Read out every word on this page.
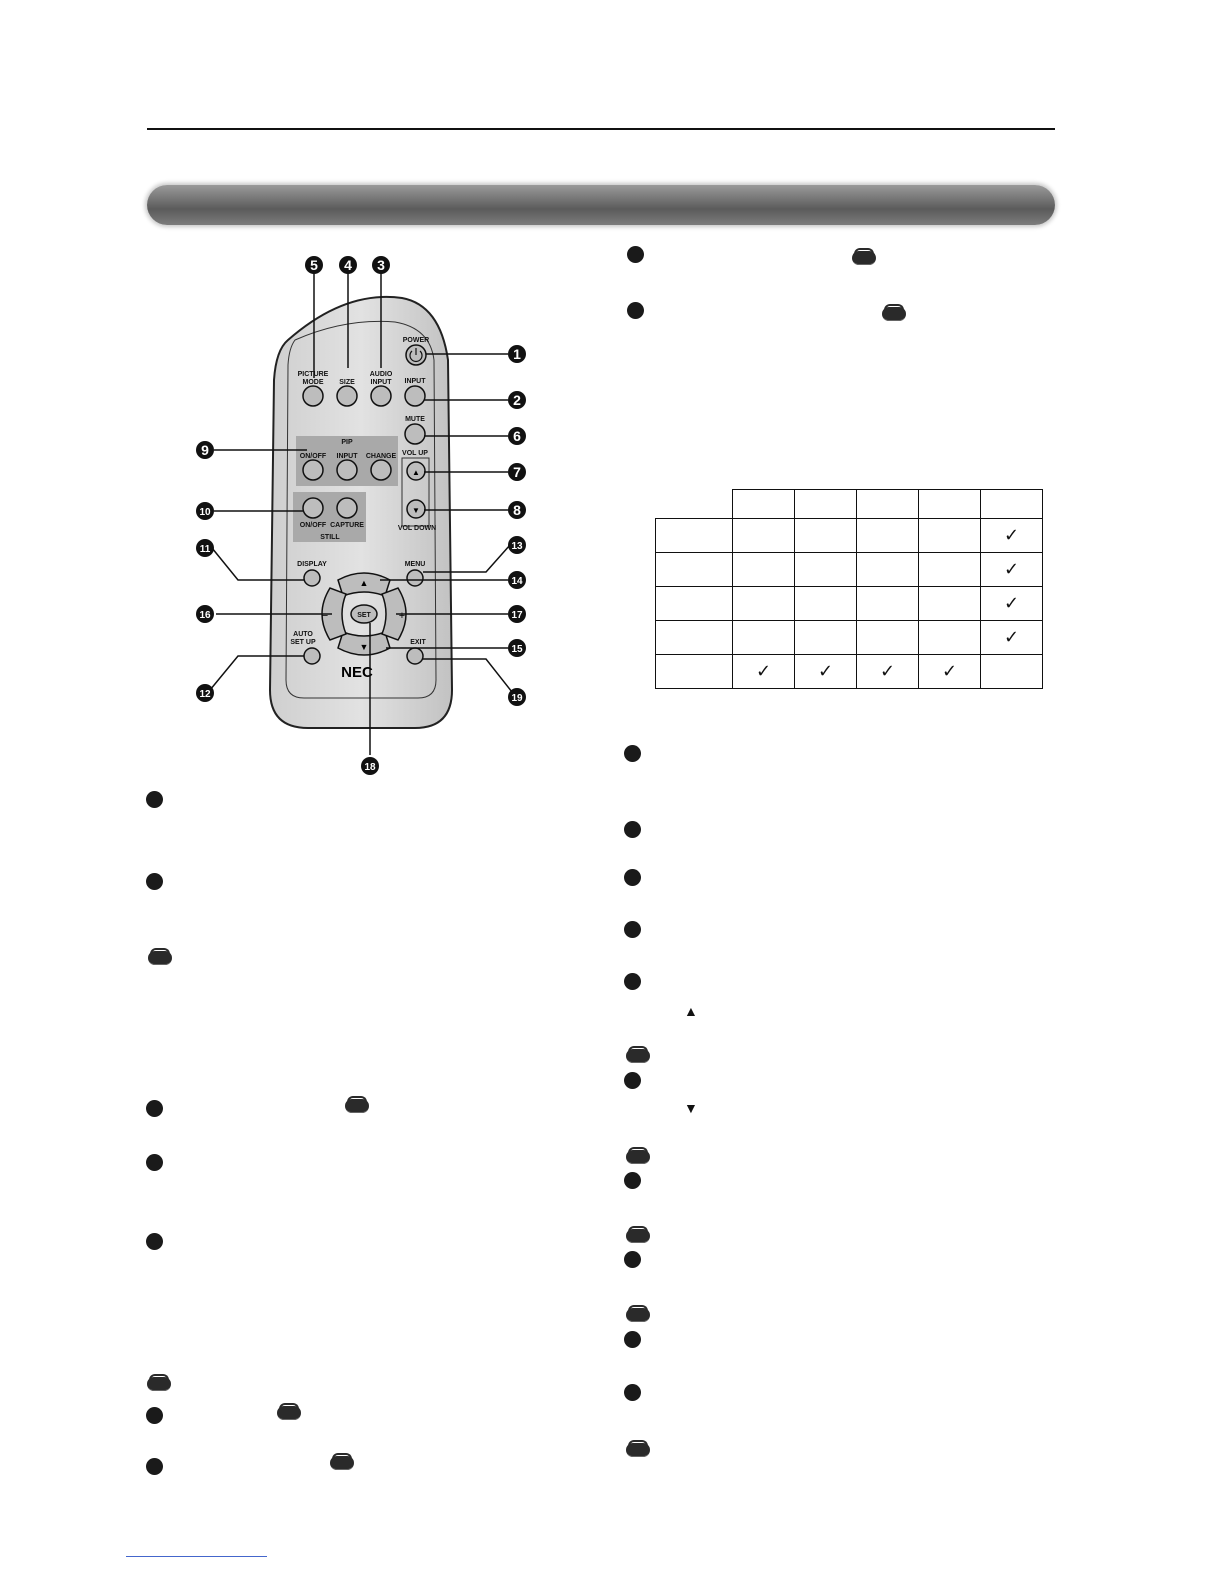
PIP
STILL
POWER
PICTURE
MODE SIZE
AUDIO
INPUT INPUT
MUTE
ON/OFF INPUT CHANGE VOL UP
VOL DOWN
ON/OFF CAPTURE
DISPLAY	MENU
AUTO
SET UP	EXIT
▲
▼
▲
▼
−	+
SET
NEC
5 4 3
1
2
6
7
8
9
10
11	13
14
16	17
15
12	19
18

					✓
					✓
					✓
					✓
	✓	✓	✓	✓	
▲
▼
